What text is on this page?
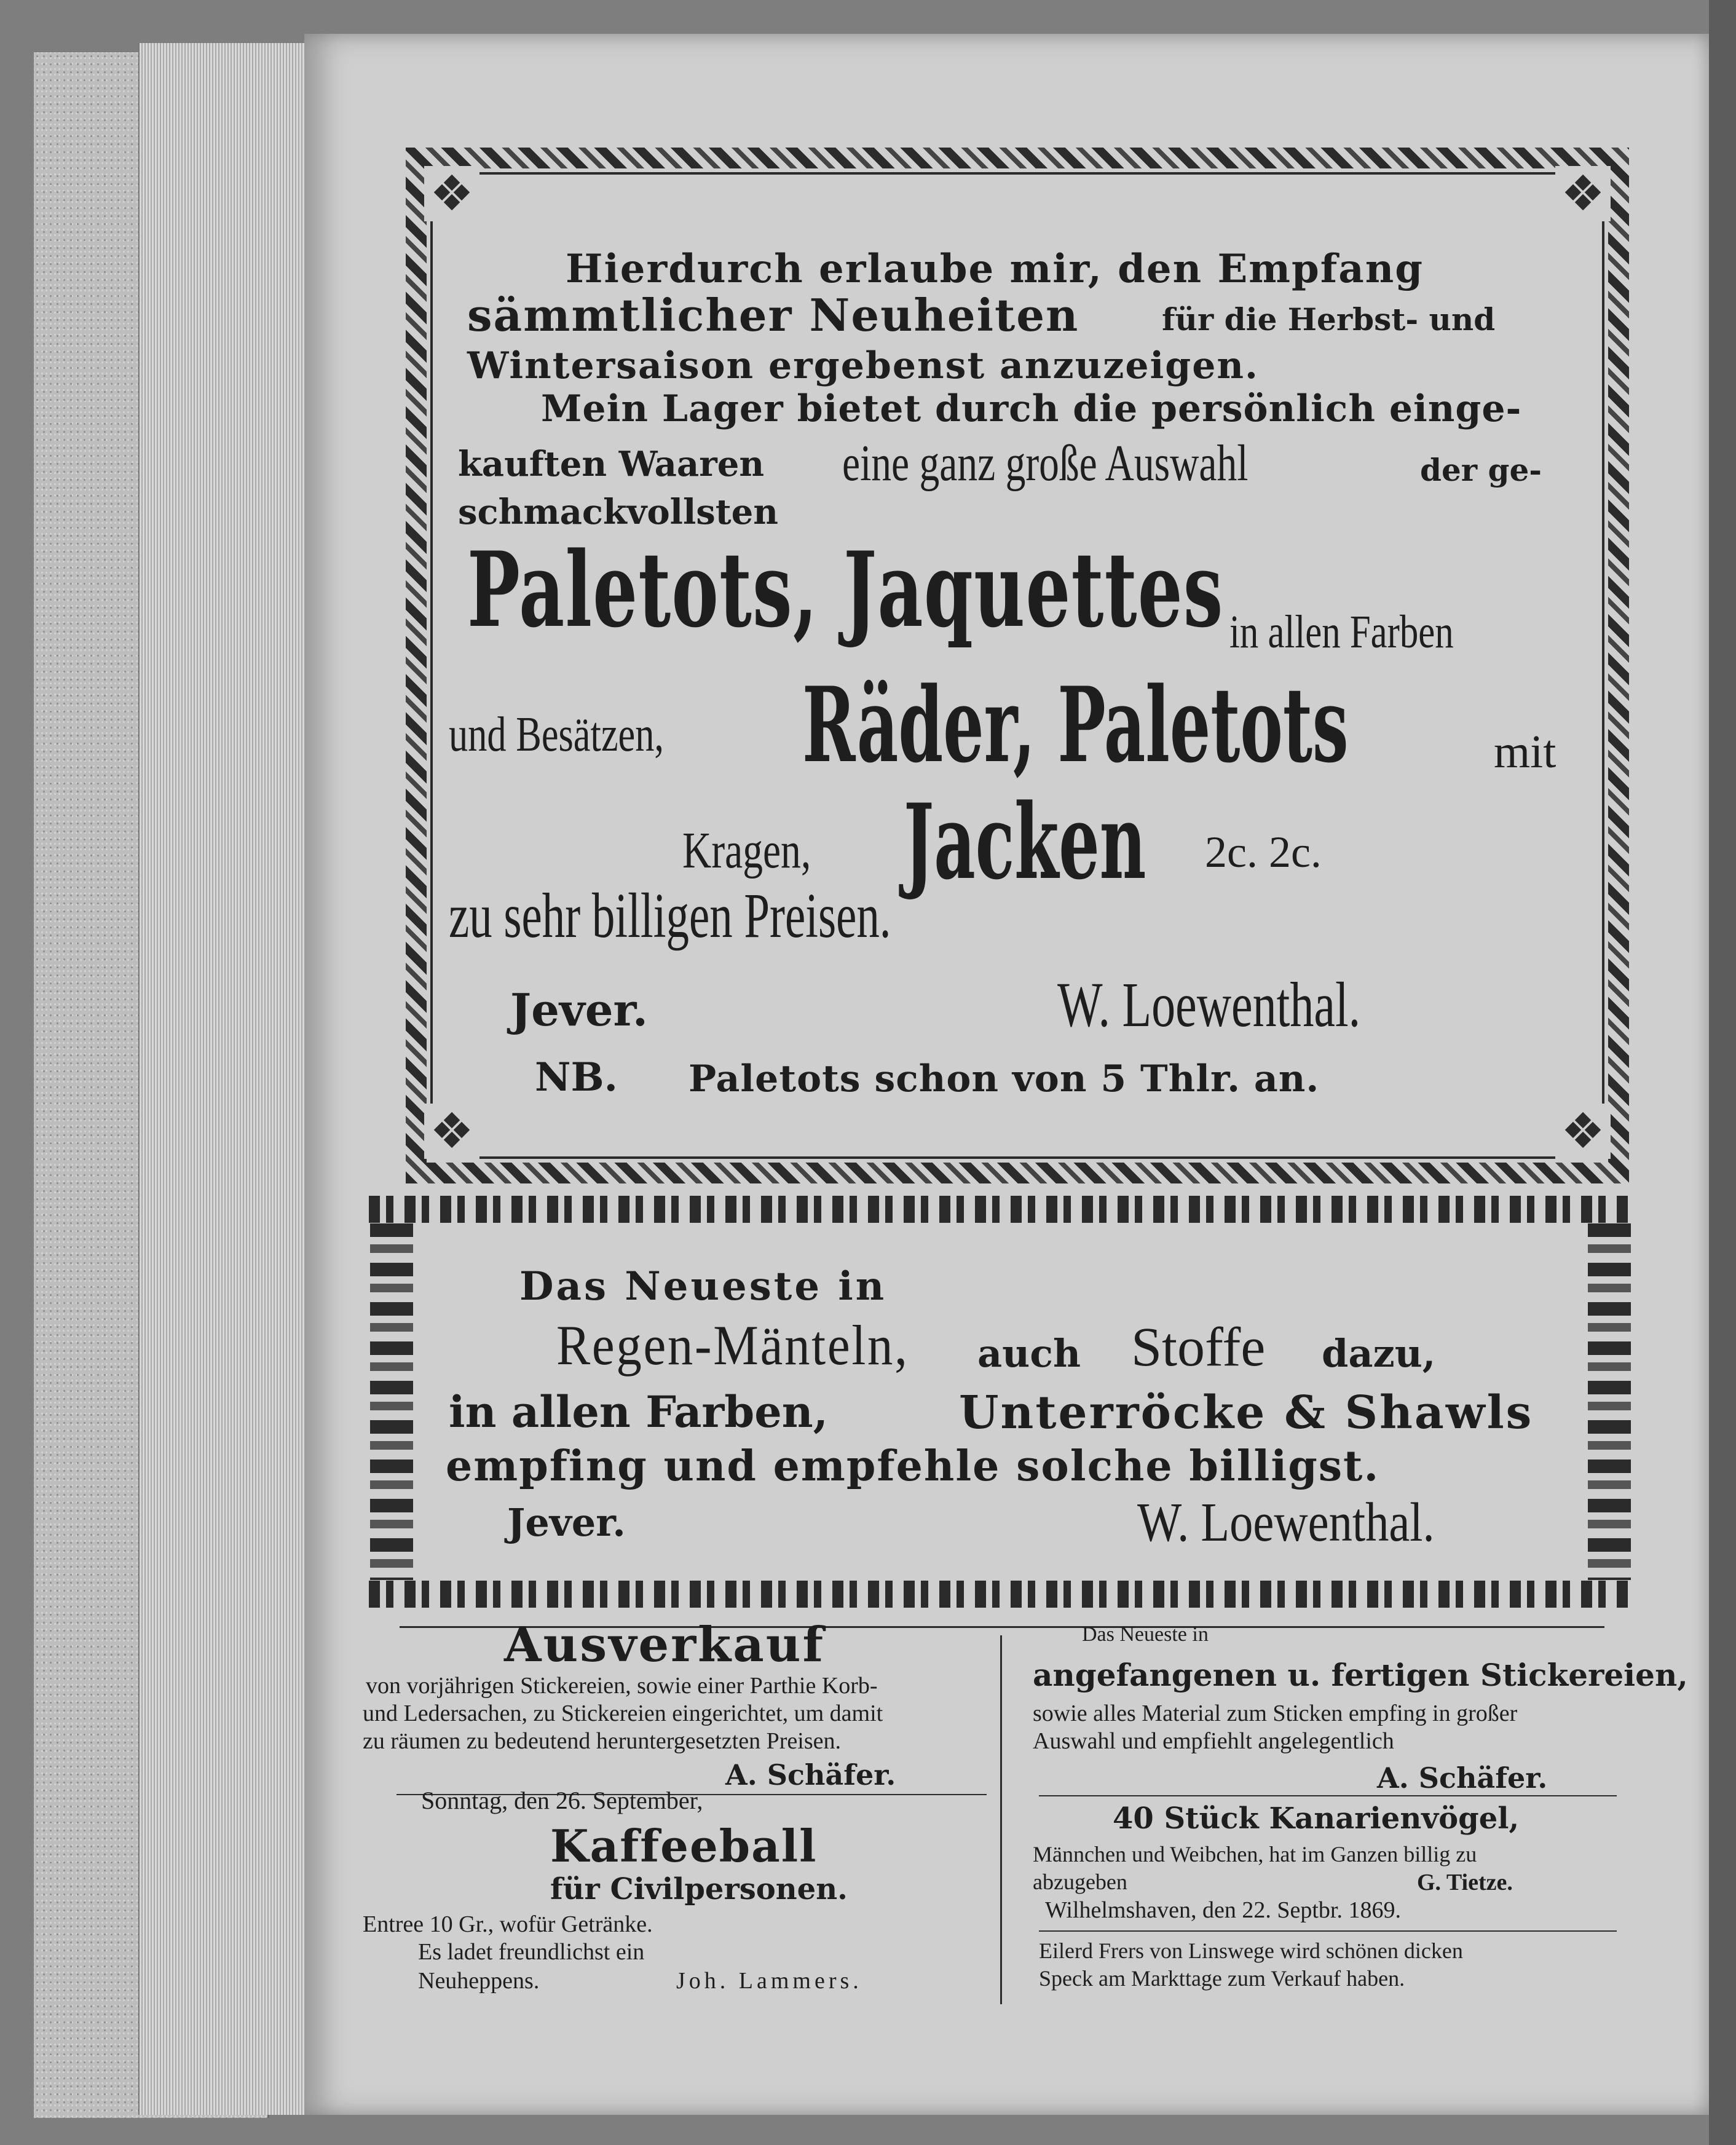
❖	❖
❖	❖
Hierdurch erlaube mir, den Empfang
sämmtlicher Neuheiten	für die Herbst- und
Wintersaison ergebenst anzuzeigen.
Mein Lager bietet durch die persönlich einge-
kauften Waaren eine ganz große Auswahl	der ge-
schmackvollsten
Paletots, Jaquettes in allen Farben
und Besätzen, Räder, Paletots	mit
Kragen, Jacken 2c. 2c.
zu sehr billigen Preisen.
Jever.	W. Loewenthal.
NB. Paletots schon von 5 Thlr. an.
Das Neueste in
Regen-Mänteln, auch Stoffe dazu,
in allen Farben,	Unterröcke & Shawls
empfing und empfehle solche billigst.
Jever.	W. Loewenthal.
Ausverkauf
von vorjährigen Stickereien, sowie einer Parthie Korb-
und Ledersachen, zu Stickereien eingerichtet, um damit
zu räumen zu bedeutend heruntergesetzten Preisen.
A. Schäfer.
Sonntag, den 26. September,
Kaffeeball
für Civilpersonen.
Entree 10 Gr., wofür Getränke.
Es ladet freundlichst ein
Neuheppens.	Joh. Lammers.
Das Neueste in
angefangenen u. fertigen Stickereien,
sowie alles Material zum Sticken empfing in großer
Auswahl und empfiehlt angelegentlich
A. Schäfer.
40 Stück Kanarienvögel,
Männchen und Weibchen, hat im Ganzen billig zu
abzugeben	G. Tietze.
Wilhelmshaven, den 22. Septbr. 1869.
Eilerd Frers von Linswege wird schönen dicken
Speck am Markttage zum Verkauf haben.
